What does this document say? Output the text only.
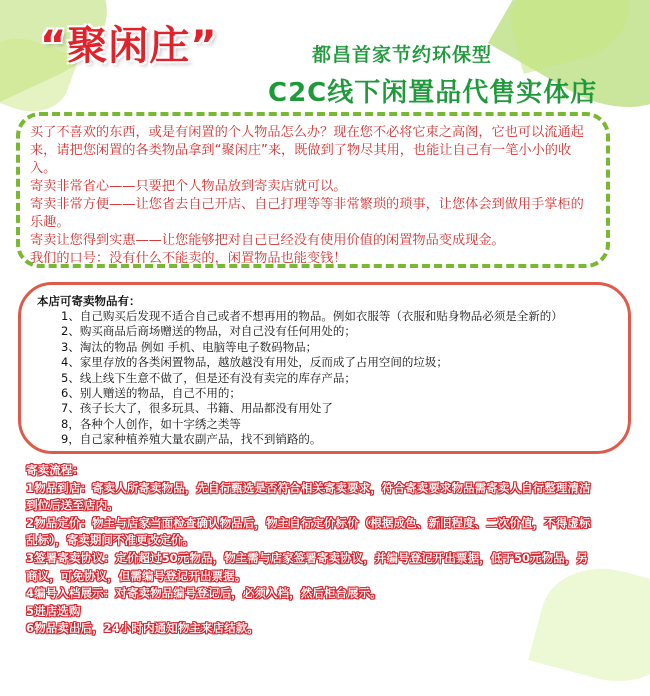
“聚闲庄”	都昌首家节约环保型
C2C线下闲置品代售实体店

买了不喜欢的东西，或是有闲置的个人物品怎么办？现在您不必将它束之高阁，它也可以流通起来，请把您闲置的各类物品拿到“聚闲庄”来，既做到了物尽其用，也能让自己有一笔小小的收入。

寄卖非常省心——只要把个人物品放到寄卖店就可以。

寄卖非常方便——让您省去自己开店、自己打理等等非常繁琐的琐事，让您体会到做用手掌柜的乐趣。

寄卖让您得到实惠——让您能够把对自己已经没有使用价值的闲置物品变成现金。

我们的口号：没有什么不能卖的，闲置物品也能变钱！

本店可寄卖物品有：

1、自己购买后发现不适合自己或者不想再用的物品。例如衣服等（衣服和贴身物品必须是全新的）

2、购买商品后商场赠送的物品，对自己没有任何用处的；

3、淘汰的物品 例如 手机、电脑等电子数码物品；

4、家里存放的各类闲置物品，越放越没有用处，反而成了占用空间的垃圾；

5、线上线下生意不做了，但是还有没有卖完的库存产品；

6、别人赠送的物品，自己不用的；

7、孩子长大了，很多玩具、书籍、用品都没有用处了

8，各种个人创作，如十字绣之类等

9，自己家种植养殖大量农副产品，找不到销路的。

寄卖流程：

1物品到店：寄卖人所寄卖物品，先自行甄选是否符合相关寄卖要求，符合寄卖要求物品需寄卖人自行整理清洁

到位后送至店内。

2物品定价：物主与店家当面检查确认物品后，物主自行定价标价（根据成色、新旧程度、二次价值，不得虚标

乱标），寄卖期间不准更改定价。

3签署寄卖协议：定价超过50元物品，物主需与店家签署寄卖协议，并编号登记开出票据，低于50元物品，另

商议，可免协议，但需编号登记开出票据。

4编号入档展示：对寄卖物品编号登记后，必须入档，然后柜台展示。

5进店选购

6物品卖出后，24小时内通知物主来店结款。
